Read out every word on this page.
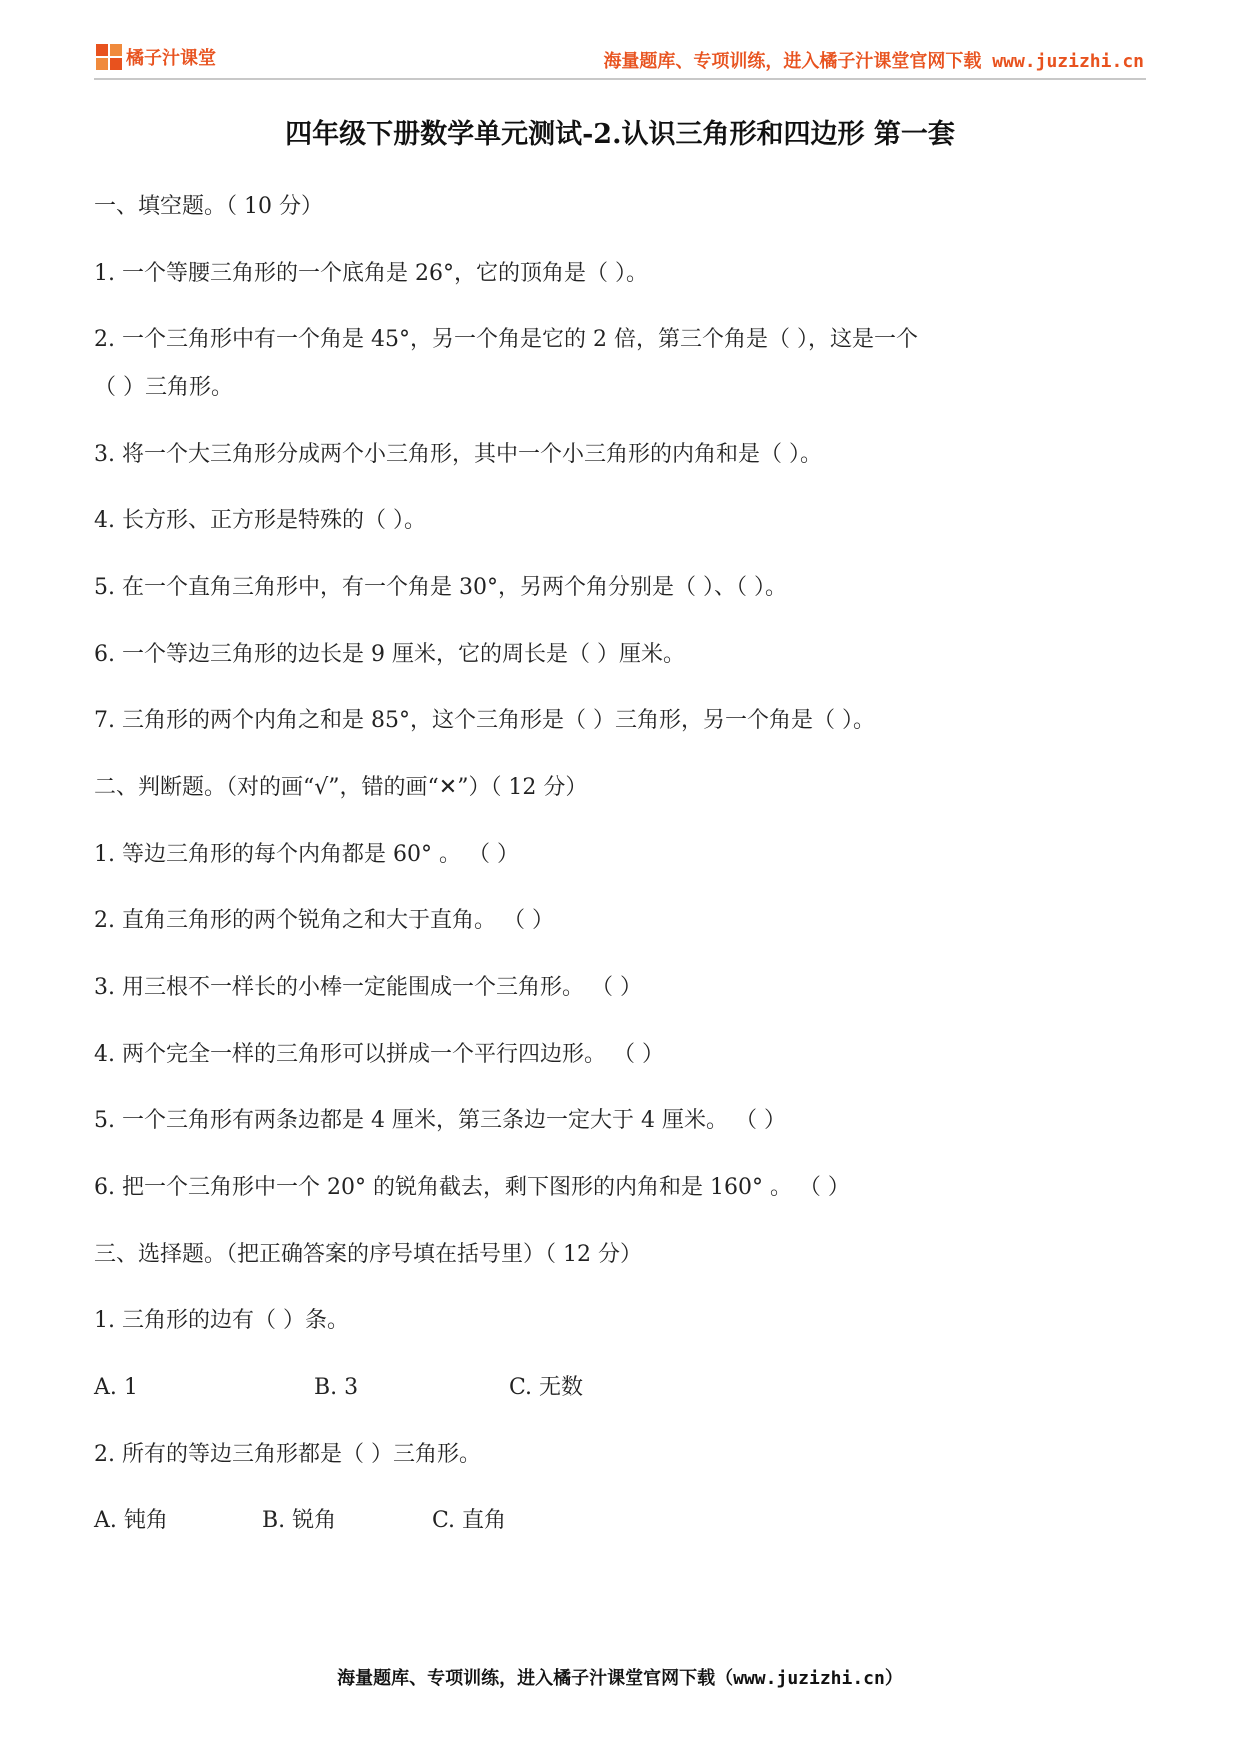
橘子汁课堂	海量题库、专项训练，进入橘子汁课堂官网下载 www.juzizhi.cn
四年级下册数学单元测试-2.认识三角形和四边形 第一套
一、填空题。（ 10 分）
1. 一个等腰三角形的一个底角是 26°，它的顶角是（ ）。
2. 一个三角形中有一个角是 45°，另一个角是它的 2 倍，第三个角是（ ），这是一个
（ ）三角形。
3. 将一个大三角形分成两个小三角形，其中一个小三角形的内角和是（ ）。
4. 长方形、正方形是特殊的（ ）。
5. 在一个直角三角形中，有一个角是 30°，另两个角分别是（ ）、（ ）。
6. 一个等边三角形的边长是 9 厘米，它的周长是（ ）厘米。
7. 三角形的两个内角之和是 85°，这个三角形是（ ）三角形，另一个角是（ ）。
二、判断题。（对的画“√”，错的画“✕”）（ 12 分）
1. 等边三角形的每个内角都是 60° 。 （ ）
2. 直角三角形的两个锐角之和大于直角。 （ ）
3. 用三根不一样长的小棒一定能围成一个三角形。 （ ）
4. 两个完全一样的三角形可以拼成一个平行四边形。 （ ）
5. 一个三角形有两条边都是 4 厘米，第三条边一定大于 4 厘米。 （ ）
6. 把一个三角形中一个 20° 的锐角截去，剩下图形的内角和是 160° 。 （ ）
三、选择题。（把正确答案的序号填在括号里）（ 12 分）
1. 三角形的边有（ ）条。
A. 1	B. 3	C. 无数
2. 所有的等边三角形都是（ ）三角形。
A. 钝角	B. 锐角	C. 直角
海量题库、专项训练，进入橘子汁课堂官网下载（www.juzizhi.cn）
